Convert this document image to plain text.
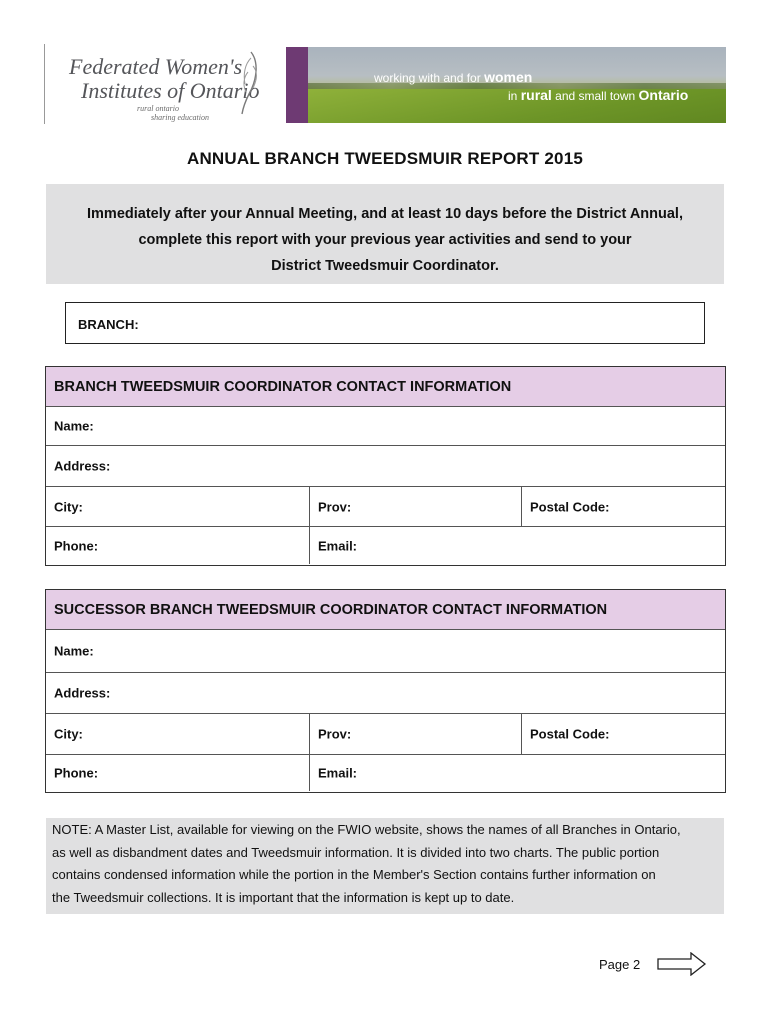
Federated Women's
Institutes of Ontario
rural ontario
sharing education
working with and for women
in rural and small town Ontario
ANNUAL BRANCH TWEEDSMUIR REPORT 2015
Immediately after your Annual Meeting, and at least 10 days before the District Annual,
complete this report with your previous year activities and send to your
District Tweedsmuir Coordinator.
BRANCH:
BRANCH TWEEDSMUIR COORDINATOR CONTACT INFORMATION
Name:
Address:
City:	Prov:	Postal Code:
Phone:	Email:
SUCCESSOR BRANCH TWEEDSMUIR COORDINATOR CONTACT INFORMATION
Name:
Address:
City:	Prov:	Postal Code:
Phone:	Email:
NOTE: A Master List, available for viewing on the FWIO website, shows the names of all Branches in Ontario,
as well as disbandment dates and Tweedsmuir information. It is divided into two charts. The public portion
contains condensed information while the portion in the Member's Section contains further information on
the Tweedsmuir collections. It is important that the information is kept up to date.
Page 2
